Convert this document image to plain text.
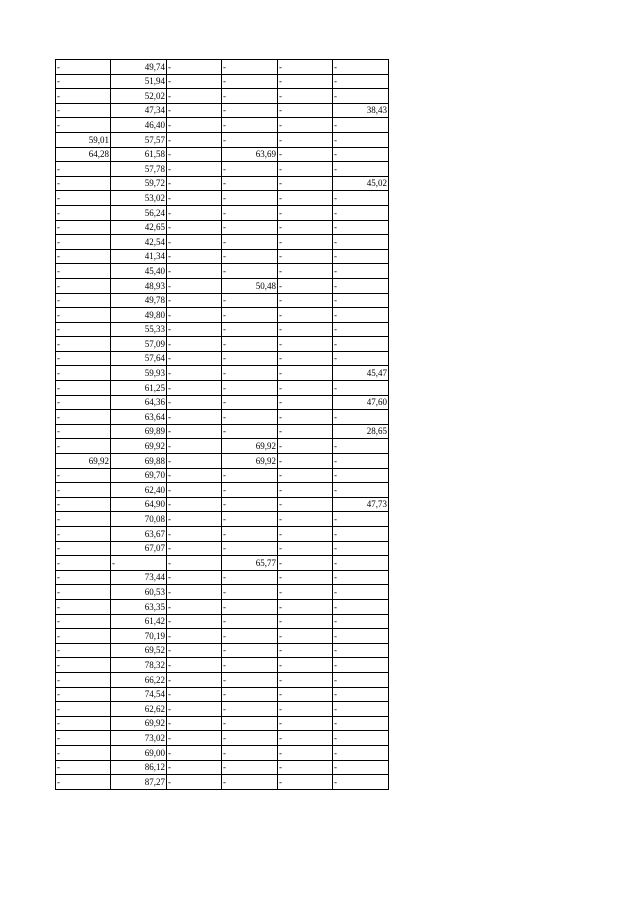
-	49,74	-	-	-	-
-	51,94	-	-	-	-
-	52,02	-	-	-	-
-	47,34	-	-	-	38,43
-	46,40	-	-	-	-
59,01	57,57	-	-	-	-
64,28	61,58	-	63,69	-	-
-	57,78	-	-	-	-
-	59,72	-	-	-	45,02
-	53,02	-	-	-	-
-	56,24	-	-	-	-
-	42,65	-	-	-	-
-	42,54	-	-	-	-
-	41,34	-	-	-	-
-	45,40	-	-	-	-
-	48,93	-	50,48	-	-
-	49,78	-	-	-	-
-	49,80	-	-	-	-
-	55,33	-	-	-	-
-	57,09	-	-	-	-
-	57,64	-	-	-	-
-	59,93	-	-	-	45,47
-	61,25	-	-	-	-
-	64,36	-	-	-	47,60
-	63,64	-	-	-	-
-	69,89	-	-	-	28,65
-	69,92	-	69,92	-	-
69,92	69,88	-	69,92	-	-
-	69,70	-	-	-	-
-	62,40	-	-	-	-
-	64,90	-	-	-	47,73
-	70,08	-	-	-	-
-	63,67	-	-	-	-
-	67,07	-	-	-	-
-	-	-	65,77	-	-
-	73,44	-	-	-	-
-	60,53	-	-	-	-
-	63,35	-	-	-	-
-	61,42	-	-	-	-
-	70,19	-	-	-	-
-	69,52	-	-	-	-
-	78,32	-	-	-	-
-	66,22	-	-	-	-
-	74,54	-	-	-	-
-	62,62	-	-	-	-
-	69,92	-	-	-	-
-	73,02	-	-	-	-
-	69,00	-	-	-	-
-	86,12	-	-	-	-
-	87,27	-	-	-	-
